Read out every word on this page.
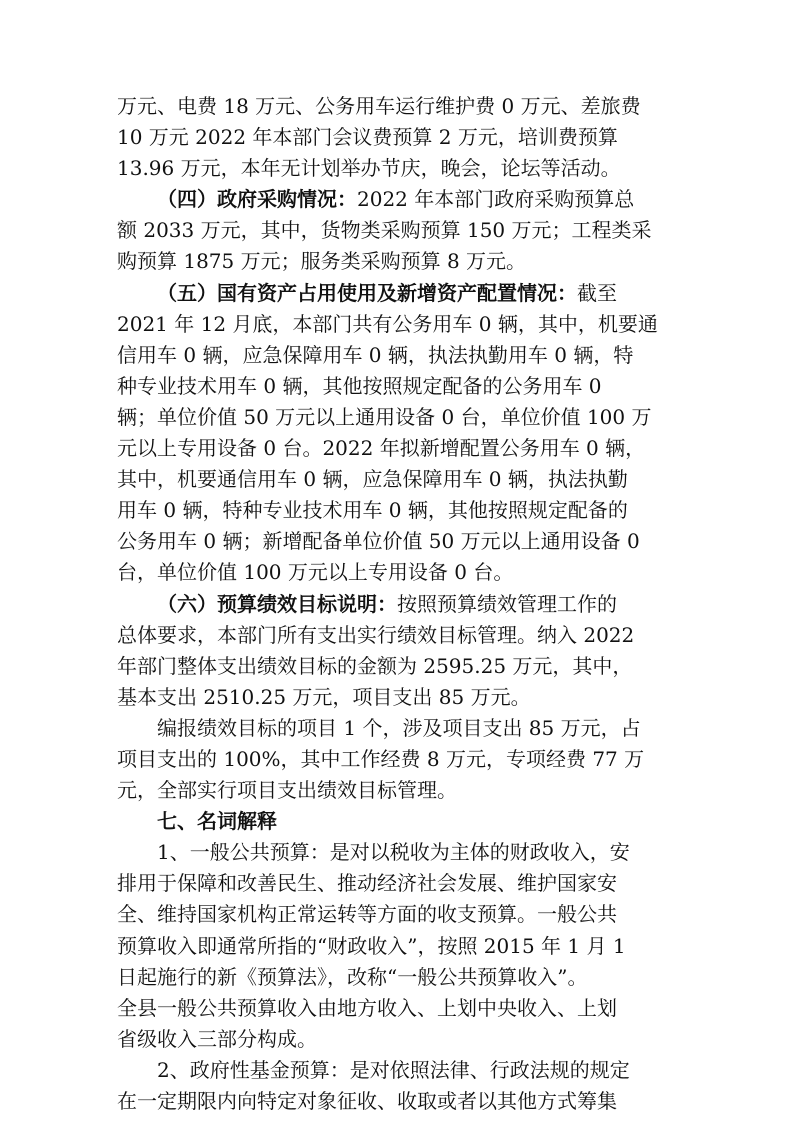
万元、电费 18 万元、公务用车运行维护费 0 万元、差旅费
10 万元 2022 年本部门会议费预算 2 万元，培训费预算
13.96 万元，本年无计划举办节庆，晚会，论坛等活动。
（四）政府采购情况：2022 年本部门政府采购预算总
额 2033 万元，其中，货物类采购预算 150 万元；工程类采
购预算 1875 万元；服务类采购预算 8 万元。
（五）国有资产占用使用及新增资产配置情况：截至
2021 年 12 月底，本部门共有公务用车 0 辆，其中，机要通
信用车 0 辆，应急保障用车 0 辆，执法执勤用车 0 辆，特
种专业技术用车 0 辆，其他按照规定配备的公务用车 0
辆；单位价值 50 万元以上通用设备 0 台，单位价值 100 万
元以上专用设备 0 台。2022 年拟新增配置公务用车 0 辆，
其中，机要通信用车 0 辆，应急保障用车 0 辆，执法执勤
用车 0 辆，特种专业技术用车 0 辆，其他按照规定配备的
公务用车 0 辆；新增配备单位价值 50 万元以上通用设备 0
台，单位价值 100 万元以上专用设备 0 台。
（六）预算绩效目标说明：按照预算绩效管理工作的
总体要求，本部门所有支出实行绩效目标管理。纳入 2022
年部门整体支出绩效目标的金额为 2595.25 万元，其中，
基本支出 2510.25 万元，项目支出 85 万元。
编报绩效目标的项目 1 个，涉及项目支出 85 万元，占
项目支出的 100%，其中工作经费 8 万元，专项经费 77 万
元，全部实行项目支出绩效目标管理。
七、名词解释
1、一般公共预算：是对以税收为主体的财政收入，安
排用于保障和改善民生、推动经济社会发展、维护国家安
全、维持国家机构正常运转等方面的收支预算。一般公共
预算收入即通常所指的“财政收入”，按照 2015 年 1 月 1
日起施行的新《预算法》，改称“一般公共预算收入”。
全县一般公共预算收入由地方收入、上划中央收入、上划
省级收入三部分构成。
2、政府性基金预算：是对依照法律、行政法规的规定
在一定期限内向特定对象征收、收取或者以其他方式筹集
